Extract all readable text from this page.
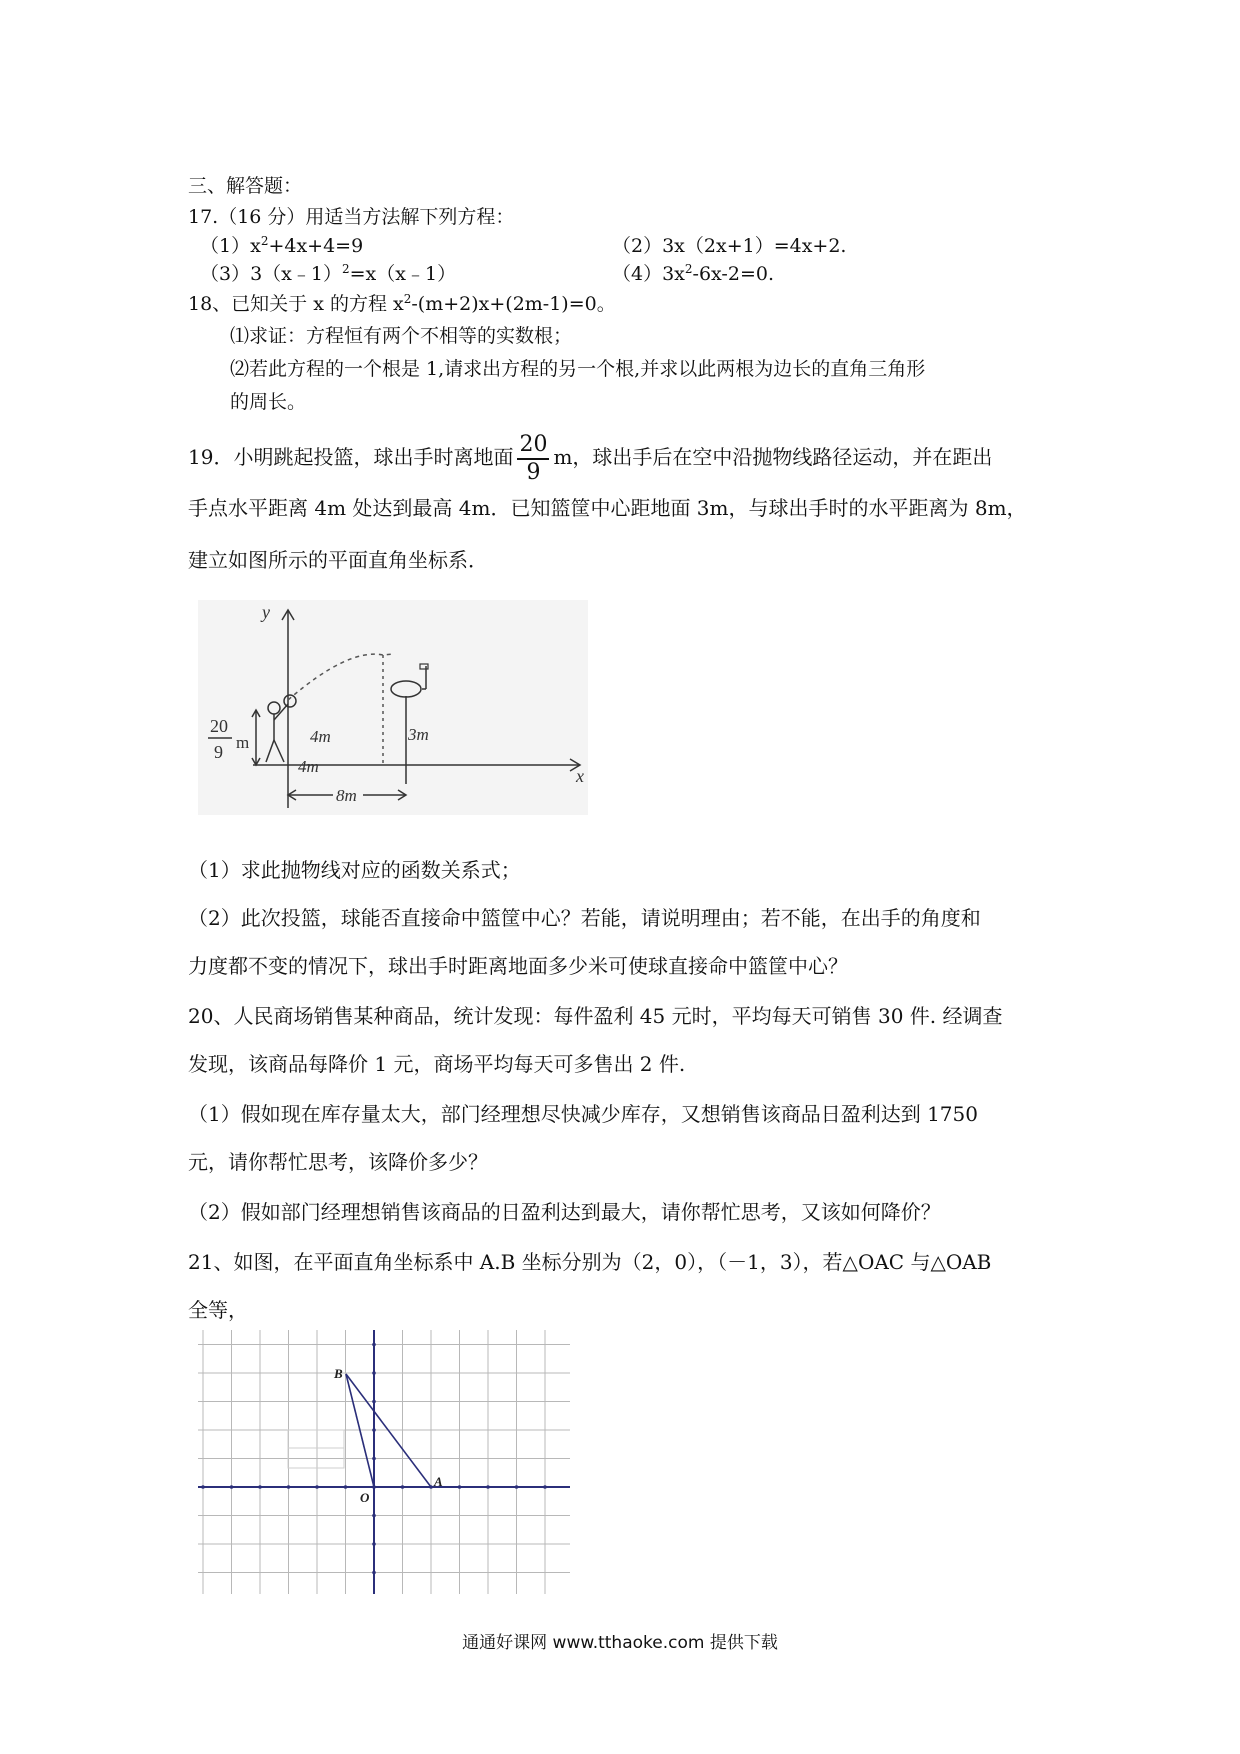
三、解答题：
17.（16 分）用适当方法解下列方程：
$(1)x^2+4x+4=9$	（2）3x（2x+1）=4x+2.
（3）3（x﹣1）$^2$=x（x﹣1）	$(4)3x^2-6x-2=0$.
18、已知关于 x 的方程 $x^2-(m+2)x+(2m-1)=0$。
⑴求证：方程恒有两个不相等的实数根；
⑵若此方程的一个根是 1,请求出方程的另一个根,并求以此两根为边长的直角三角形
的周长。
19．小明跳起投篮，球出手时离地面 $\frac{20}{9}$ m，球出手后在空中沿抛物线路径运动，并在距出
手点水平距离 4m 处达到最高 4m．已知篮筐中心距地面 3m，与球出手时的水平距离为 8m，
建立如图所示的平面直角坐标系．
y
x
20
9 m	4m
4m
3m
8m
（1）求此抛物线对应的函数关系式；
（2）此次投篮，球能否直接命中篮筐中心？若能，请说明理由；若不能，在出手的角度和
力度都不变的情况下，球出手时距离地面多少米可使球直接命中篮筐中心？
20、人民商场销售某种商品，统计发现：每件盈利 45 元时，平均每天可销售 30 件. 经调查
发现，该商品每降价 1 元，商场平均每天可多售出 2 件.
（1）假如现在库存量太大，部门经理想尽快减少库存，又想销售该商品日盈利达到 1750
元，请你帮忙思考，该降价多少？
（2）假如部门经理想销售该商品的日盈利达到最大，请你帮忙思考，又该如何降价？
21、如图，在平面直角坐标系中 A.B 坐标分别为（2，0），（－1，3），若△OAC 与△OAB
全等，
B
A
O
通通好课网 www.tthaoke.com 提供下载
